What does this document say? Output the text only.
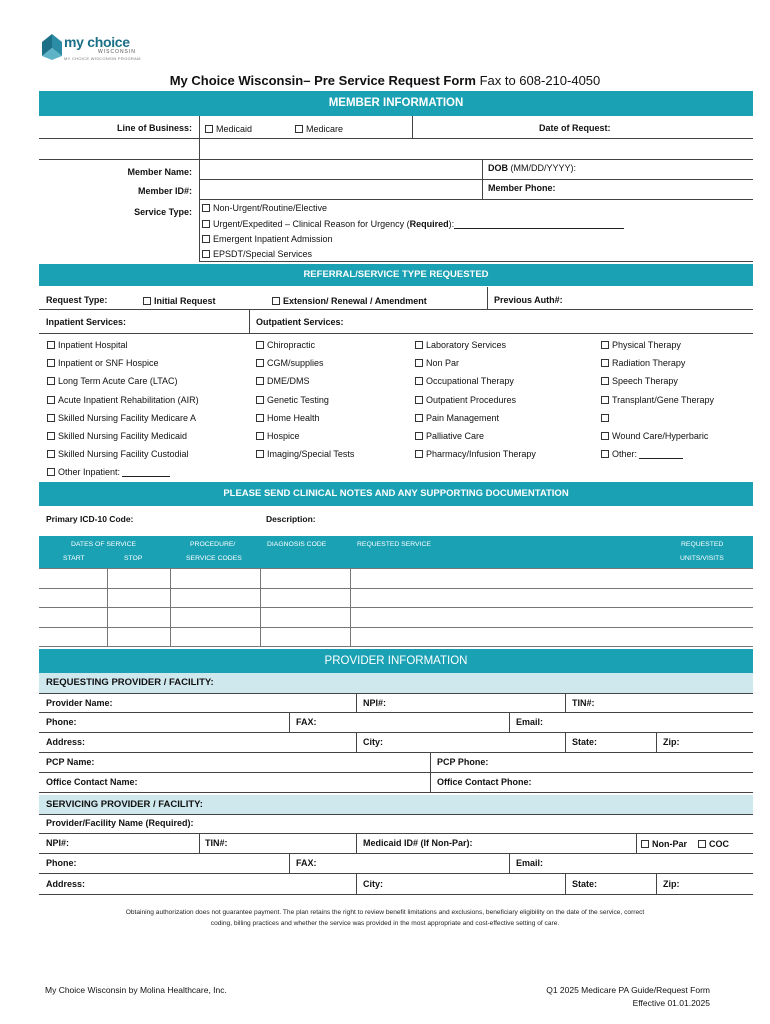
my choice
WISCONSIN
MY CHOICE WISCONSIN PROGRAM
My Choice Wisconsin– Pre Service Request Form Fax to 608-210-4050
MEMBER INFORMATION
Line of Business:	Medicaid	Medicare	Date of Request:
Member Name:	DOB (MM/DD/YYYY):
Member ID#:	Member Phone:
Service Type:	Non-Urgent/Routine/Elective
Urgent/Expedited – Clinical Reason for Urgency (Required):
Emergent Inpatient Admission
EPSDT/Special Services
REFERRAL/SERVICE TYPE REQUESTED
Request Type:	Initial Request	Extension/ Renewal / Amendment	Previous Auth#:
Inpatient Services:	Outpatient Services:
Inpatient Hospital
Inpatient or SNF Hospice
Long Term Acute Care (LTAC)
Acute Inpatient Rehabilitation (AIR)
Skilled Nursing Facility Medicare A
Skilled Nursing Facility Medicaid
Skilled Nursing Facility Custodial
Other Inpatient:
Chiropractic
CGM/supplies
DME/DMS
Genetic Testing
Home Health
Hospice
Imaging/Special Tests
Laboratory Services
Non Par
Occupational Therapy
Outpatient Procedures
Pain Management
Palliative Care
Pharmacy/Infusion Therapy
Physical Therapy
Radiation Therapy
Speech Therapy
Transplant/Gene Therapy
Wound Care/Hyperbaric
Other:
PLEASE SEND CLINICAL NOTES AND ANY SUPPORTING DOCUMENTATION
Primary ICD-10 Code:	Description:
DATES OF SERVICE
START	STOP
PROCEDURE/
SERVICE CODES
DIAGNOSIS CODE	REQUESTED SERVICE	REQUESTED
UNITS/VISITS
PROVIDER INFORMATION
REQUESTING PROVIDER / FACILITY:
Provider Name:	NPI#:	TIN#:
Phone:	FAX:	Email:
Address:	City:	State:	Zip:
PCP Name:	PCP Phone:
Office Contact Name:	Office Contact Phone:
SERVICING PROVIDER / FACILITY:
Provider/Facility Name (Required):
NPI#:	TIN#:	Medicaid ID# (If Non-Par):	Non-Par	COC
Phone:	FAX:	Email:
Address:	City:	State:	Zip:
Obtaining authorization does not guarantee payment. The plan retains the right to review benefit limitations and exclusions, beneficiary eligibility on the date of the service, correct
coding, billing practices and whether the service was provided in the most appropriate and cost-effective setting of care.
My Choice Wisconsin by Molina Healthcare, Inc.	Q1 2025 Medicare PA Guide/Request Form
Effective 01.01.2025
